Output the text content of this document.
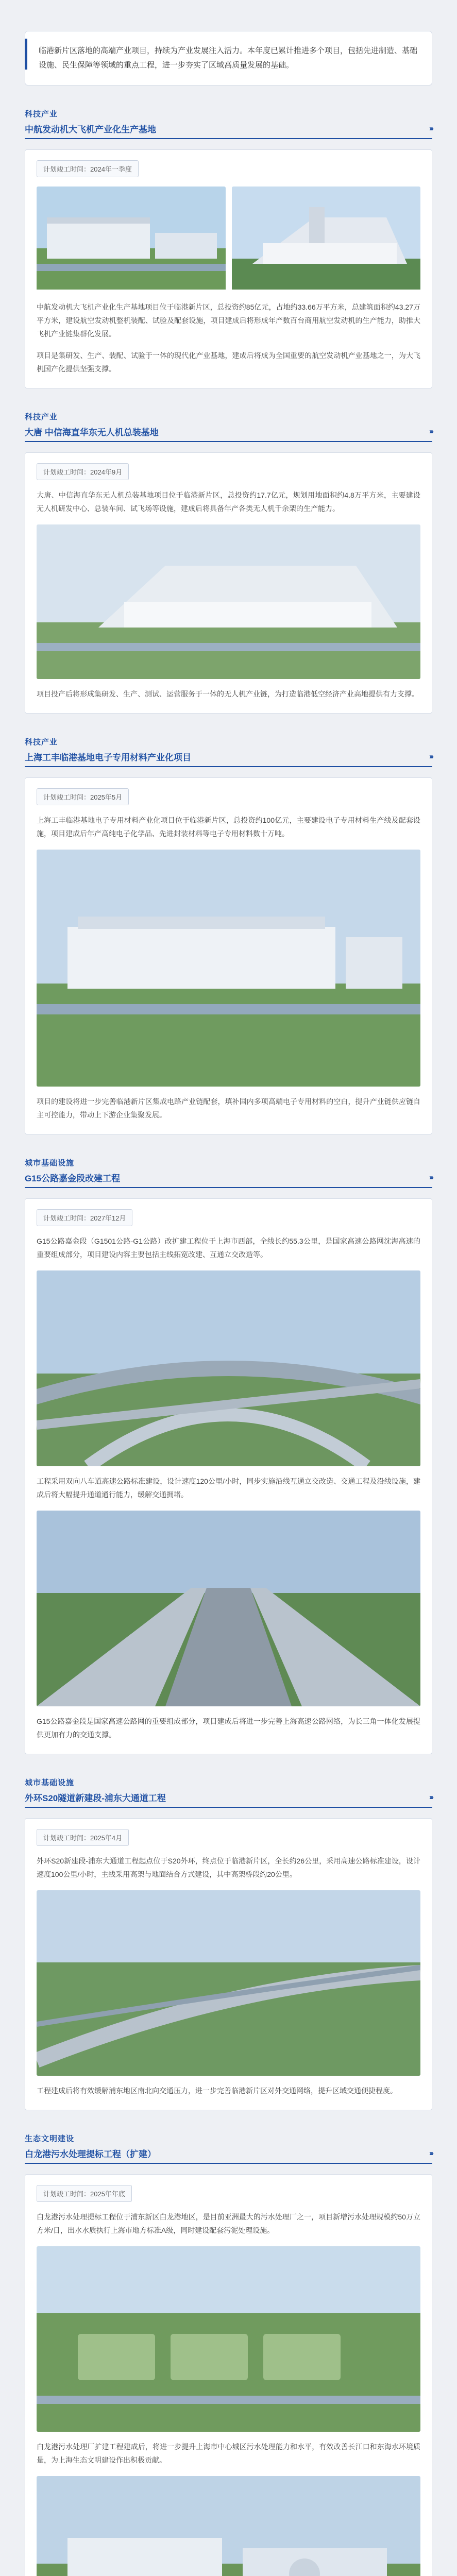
临港新片区落地的高端产业项目，持续为产业发展注入活力。本年度已累计推进多个项目，包括先进制造、基础设施、民生保障等领域的重点工程，进一步夯实了区域高质量发展的基础。

科技产业
中航发动机大飞机产业化生产基地	›››
计划竣工时间：2024年一季度

中航发动机大飞机产业化生产基地项目位于临港新片区，总投资约85亿元，占地约33.66万平方米，总建筑面积约43.27万平方米，建设航空发动机整机装配、试验及配套设施，项目建成后将形成年产数百台商用航空发动机的生产能力，助推大飞机产业链集群化发展。

项目是集研发、生产、装配、试验于一体的现代化产业基地，建成后将成为全国重要的航空发动机产业基地之一，为大飞机国产化提供坚强支撑。

科技产业
大唐 中信海直华东无人机总装基地	›››
计划竣工时间：2024年9月

大唐、中信海直华东无人机总装基地项目位于临港新片区，总投资约17.7亿元，规划用地面积约4.8万平方米，主要建设无人机研发中心、总装车间、试飞场等设施，建成后将具备年产各类无人机千余架的生产能力。

项目投产后将形成集研发、生产、测试、运营服务于一体的无人机产业链，为打造临港低空经济产业高地提供有力支撑。

科技产业
上海工丰临港基地电子专用材料产业化项目	›››
计划竣工时间：2025年5月

上海工丰临港基地电子专用材料产业化项目位于临港新片区，总投资约100亿元，主要建设电子专用材料生产线及配套设施，项目建成后年产高纯电子化学品、先进封装材料等电子专用材料数十万吨。

项目的建设将进一步完善临港新片区集成电路产业链配套，填补国内多项高端电子专用材料的空白，提升产业链供应链自主可控能力，带动上下游企业集聚发展。

城市基础设施
G15公路嘉金段改建工程	›››
计划竣工时间：2027年12月

G15公路嘉金段（G1501公路-G1公路）改扩建工程位于上海市西部，全线长约55.3公里，是国家高速公路网沈海高速的重要组成部分，项目建设内容主要包括主线拓宽改建、互通立交改造等。

工程采用双向八车道高速公路标准建设，设计速度120公里/小时，同步实施沿线互通立交改造、交通工程及沿线设施，建成后将大幅提升通道通行能力，缓解交通拥堵。

G15公路嘉金段是国家高速公路网的重要组成部分，项目建成后将进一步完善上海高速公路网络，为长三角一体化发展提供更加有力的交通支撑。

城市基础设施
外环S20隧道新建段-浦东大通道工程	›››
计划竣工时间：2025年4月

外环S20新建段-浦东大通道工程起点位于S20外环，终点位于临港新片区，全长约26公里，采用高速公路标准建设，设计速度100公里/小时，主线采用高架与地面结合方式建设，其中高架桥段约20公里。

工程建成后将有效缓解浦东地区南北向交通压力，进一步完善临港新片区对外交通网络，提升区域交通便捷程度。

生态文明建设
白龙港污水处理提标工程（扩建）	›››
计划竣工时间：2025年年底

白龙港污水处理提标工程位于浦东新区白龙港地区，是目前亚洲最大的污水处理厂之一，项目新增污水处理规模约50万立方米/日，出水水质执行上海市地方标准A级，同时建设配套污泥处理设施。

白龙港污水处理厂扩建工程建成后，将进一步提升上海市中心城区污水处理能力和水平，有效改善长江口和东海水环境质量，为上海生态文明建设作出积极贡献。
